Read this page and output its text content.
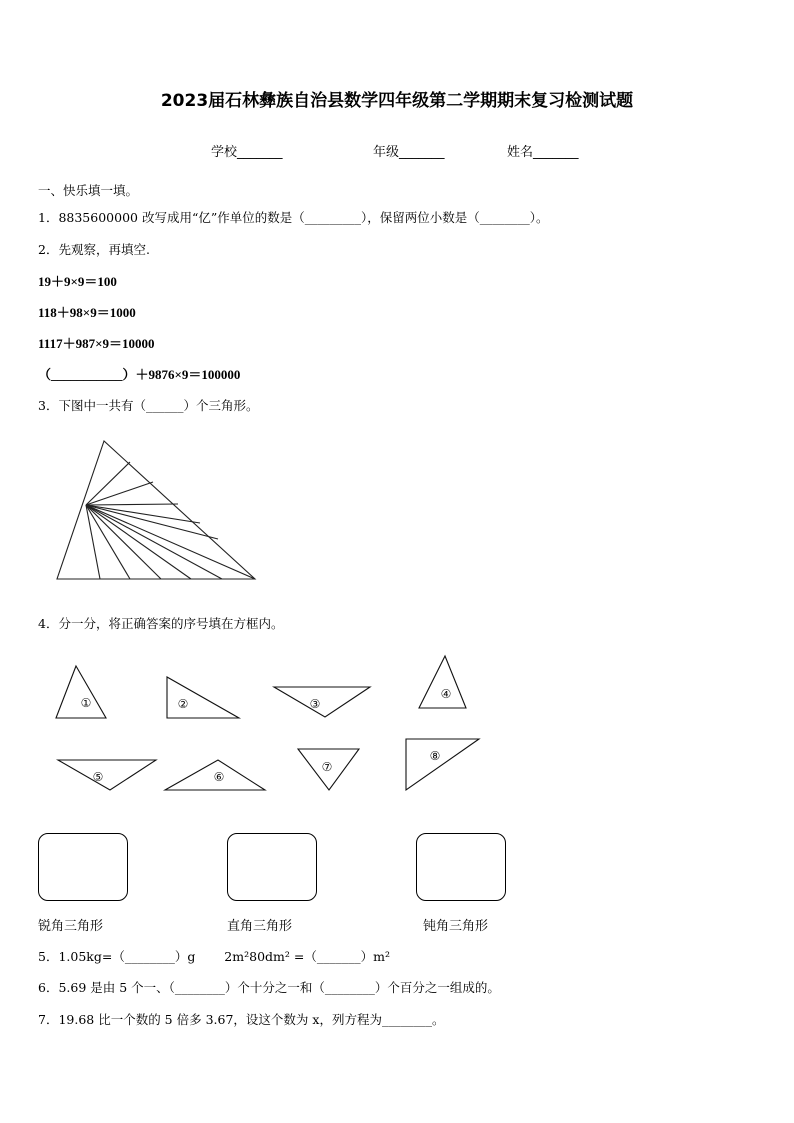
2023届石林彝族自治县数学四年级第二学期期末复习检测试题
学校_______	年级_______	姓名_______
一、快乐填一填。
1．8835600000 改写成用“亿”作单位的数是（_________），保留两位小数是（________）。
2．先观察，再填空.
19＋9×9＝100
118＋98×9＝1000
1117＋987×9＝10000
（___________）＋9876×9＝100000
3．下图中一共有（______）个三角形。
4．分一分，将正确答案的序号填在方框内。
①	②	③
④
⑤	⑥
⑦
⑧
锐角三角形	直角三角形	钝角三角形
5．1.05kg=（________）g　　 2m²80dm² =（_______）m²
6．5.69 是由 5 个一、（________）个十分之一和（________）个百分之一组成的。
7．19.68 比一个数的 5 倍多 3.67，设这个数为 x，列方程为________。
